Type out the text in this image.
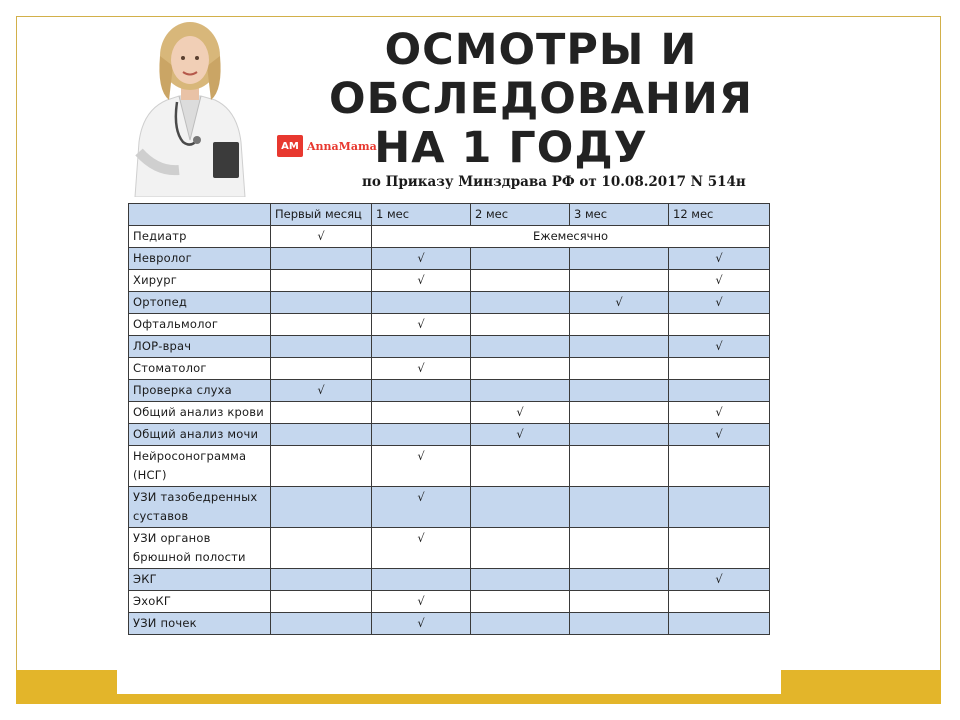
ОСМОТРЫ И
ОБСЛЕДОВАНИЯ
НА 1 ГОДУ
AM AnnaMama
по Приказу Минздрава РФ от 10.08.2017 N 514н
	Первый месяц	1 мес	2 мес	3 мес	12 мес
Педиатр	√	Ежемесячно			
Невролог		√			√
Хирург		√			√
Ортопед				√	√
Офтальмолог		√			
ЛОР-врач					√
Стоматолог		√			
Проверка слуха	√				
Общий анализ крови			√		√
Общий анализ мочи			√		√
Нейросонограмма (НСГ)		√			
УЗИ тазобедренных суставов		√			
УЗИ органов брюшной полости		√			
ЭКГ					√
ЭхоКГ		√			
УЗИ почек		√			
